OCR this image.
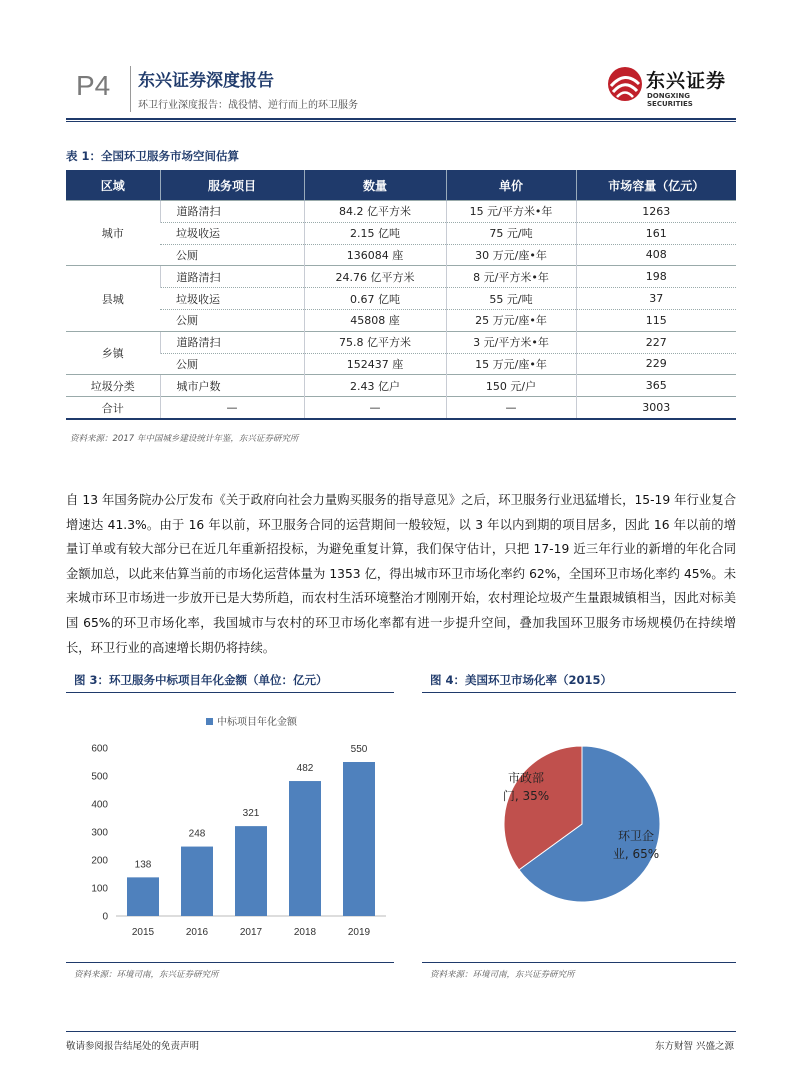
P4 东兴证券深度报告
环卫行业深度报告：战役情、逆行而上的环卫服务
东兴证券
DONGXING SECURITIES
表 1：全国环卫服务市场空间估算
区域	服务项目	数量	单价	市场容量（亿元）
城市	道路清扫	84.2 亿平方米	15 元/平方米•年	1263
	垃圾收运	2.15 亿吨	75 元/吨	161
	公厕	136084 座	30 万元/座•年	408
县城	道路清扫	24.76 亿平方米	8 元/平方米•年	198
	垃圾收运	0.67 亿吨	55 元/吨	37
	公厕	45808 座	25 万元/座•年	115
乡镇	道路清扫	75.8 亿平方米	3 元/平方米•年	227
	公厕	152437 座	15 万元/座•年	229
垃圾分类	城市户数	2.43 亿户	150 元/户	365
合计	—	—	—	3003
资料来源：2017 年中国城乡建设统计年鉴，东兴证券研究所

自 13 年国务院办公厅发布《关于政府向社会力量购买服务的指导意见》之后，环卫服务行业迅猛增长，15-19 年行业复合增速达 41.3%。由于 16 年以前，环卫服务合同的运营期间一般较短，以 3 年以内到期的项目居多，因此 16 年以前的增量订单或有较大部分已在近几年重新招投标，为避免重复计算，我们保守估计，只把 17-19 近三年行业的新增的年化合同金额加总，以此来估算当前的市场化运营体量为 1353 亿，得出城市环卫市场化率约 62%，全国环卫市场化率约 45%。未来城市环卫市场进一步放开已是大势所趋，而农村生活环境整治才刚刚开始，农村理论垃圾产生量跟城镇相当，因此对标美国 65%的环卫市场化率，我国城市与农村的环卫市场化率都有进一步提升空间，叠加我国环卫服务市场规模仍在持续增长，环卫行业的高速增长期仍将持续。

图 3：环卫服务中标项目年化金额（单位：亿元）
中标项目年化金额
0
100
200
300
400
500
600
138
2015
248
2016
321
2017
482
2018
550
2019
资料来源：环境司南，东兴证券研究所
图 4：美国环卫市场化率（2015）
环卫企业, 65%
市政部门, 35%
资料来源：环境司南，东兴证券研究所
敬请参阅报告结尾处的免责声明	东方财智 兴盛之源
